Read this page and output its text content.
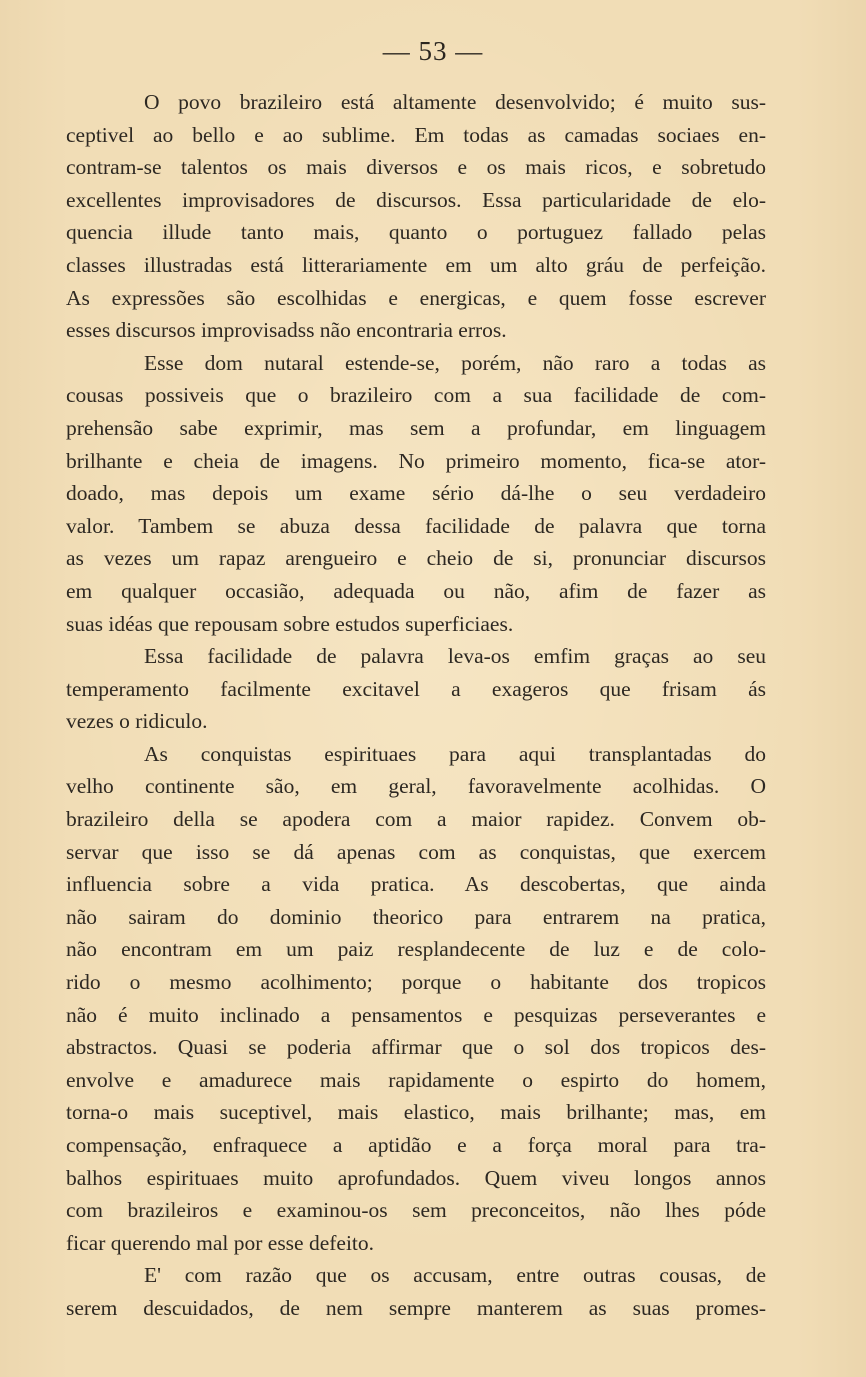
— 53 —
O povo brazileiro está altamente desenvolvido; é muito sus-
ceptivel ao bello e ao sublime. Em todas as camadas sociaes en-
contram-se talentos os mais diversos e os mais ricos, e sobretudo
excellentes improvisadores de discursos. Essa particularidade de elo-
quencia illude tanto mais, quanto o portuguez fallado pelas
classes illustradas está litterariamente em um alto gráu de perfeição.
As expressões são escolhidas e energicas, e quem fosse escrever
esses discursos improvisadss não encontraria erros.
Esse dom nutaral estende-se, porém, não raro a todas as
cousas possiveis que o brazileiro com a sua facilidade de com-
prehensão sabe exprimir, mas sem a profundar, em linguagem
brilhante e cheia de imagens. No primeiro momento, fica-se ator-
doado, mas depois um exame sério dá-lhe o seu verdadeiro
valor. Tambem se abuza dessa facilidade de palavra que torna
as vezes um rapaz arengueiro e cheio de si, pronunciar discursos
em qualquer occasião, adequada ou não, afim de fazer as
suas idéas que repousam sobre estudos superficiaes.
Essa facilidade de palavra leva-os emfim graças ao seu
temperamento facilmente excitavel a exageros que frisam ás
vezes o ridiculo.
As conquistas espirituaes para aqui transplantadas do
velho continente são, em geral, favoravelmente acolhidas. O
brazileiro della se apodera com a maior rapidez. Convem ob-
servar que isso se dá apenas com as conquistas, que exercem
influencia sobre a vida pratica. As descobertas, que ainda
não sairam do dominio theorico para entrarem na pratica,
não encontram em um paiz resplandecente de luz e de colo-
rido o mesmo acolhimento; porque o habitante dos tropicos
não é muito inclinado a pensamentos e pesquizas perseverantes e
abstractos. Quasi se poderia affirmar que o sol dos tropicos des-
envolve e amadurece mais rapidamente o espirto do homem,
torna-o mais suceptivel, mais elastico, mais brilhante; mas, em
compensação, enfraquece a aptidão e a força moral para tra-
balhos espirituaes muito aprofundados. Quem viveu longos annos
com brazileiros e examinou-os sem preconceitos, não lhes póde
ficar querendo mal por esse defeito.
E' com razão que os accusam, entre outras cousas, de
serem descuidados, de nem sempre manterem as suas promes-
